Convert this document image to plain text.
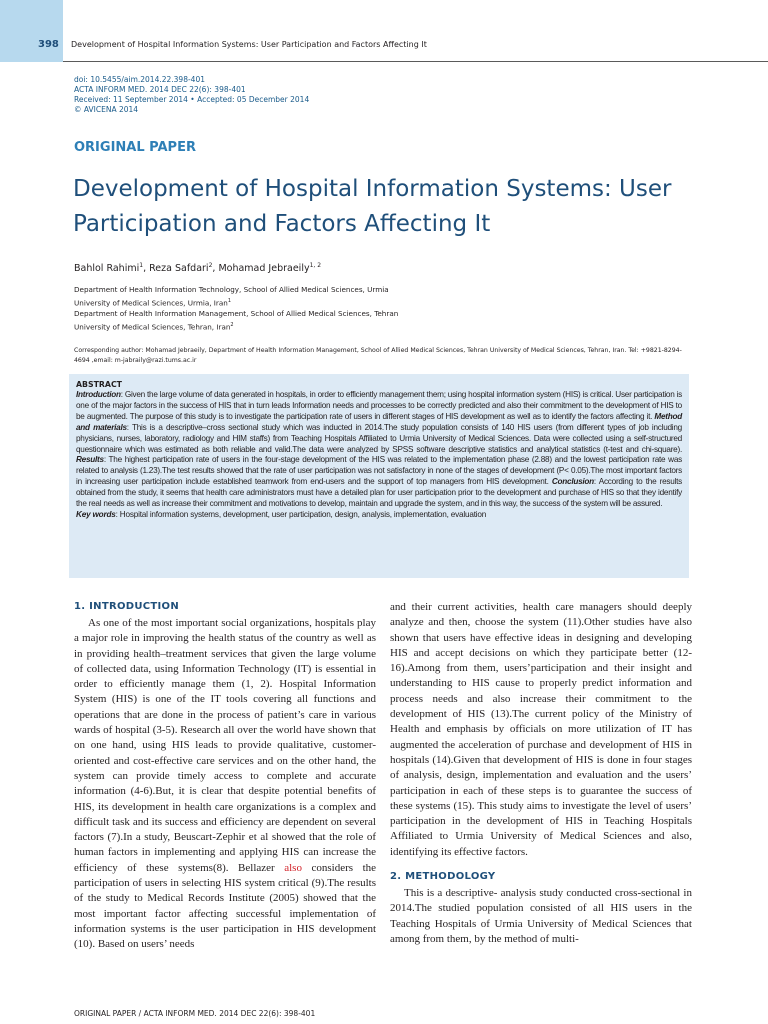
398 Development of Hospital Information Systems: User Participation and Factors Affecting It
doi: 10.5455/aim.2014.22.398-401
ACTA INFORM MED. 2014 DEC 22(6): 398-401
Received: 11 September 2014 • Accepted: 05 December 2014
© AVICENA 2014
ORIGINAL PAPER
Development of Hospital Information Systems: User
Participation and Factors Affecting It
Bahlol Rahimi$^1$, Reza Safdari$^2$, Mohamad Jebraeily$^{1, 2}$
Department of Health Information Technology, School of Allied Medical Sciences, Urmia
University of Medical Sciences, Urmia, Iran$^1$
Department of Health Information Management, School of Allied Medical Sciences, Tehran
University of Medical Sciences, Tehran, Iran$^2$
Corresponding author: Mohamad Jebraeily, Department of Health Information Management, School of Allied Medical Sciences, Tehran University of Medical Sciences, Tehran, Iran. Tel: +9821-8294-4694 ,email: m-jabraily@razi.tums.ac.ir
ABSTRACT

Introduction: Given the large volume of data generated in hospitals, in order to efficiently management them; using hospital information system (HIS) is critical. User participation is one of the major factors in the success of HIS that in turn leads Information needs and processes to be correctly predicted and also their commitment to the development of HIS to be augmented. The purpose of this study is to investigate the participation rate of users in different stages of HIS development as well as to identify the factors affecting it. Method and materials: This is a descriptive–cross sectional study which was inducted in 2014.The study population consists of 140 HIS users (from different types of job including physicians, nurses, laboratory, radiology and HIM staffs) from Teaching Hospitals Affiliated to Urmia University of Medical Sciences. Data were collected using a self-structured questionnaire which was estimated as both reliable and valid.The data were analyzed by SPSS software descriptive statistics and analytical statistics (t-test and chi-square). Results: The highest participation rate of users in the four-stage development of the HIS was related to the implementation phase (2.88) and the lowest participation rate was related to analysis (1.23).The test results showed that the rate of user participation was not satisfactory in none of the stages of development (P< 0.05).The most important factors in increasing user participation include established teamwork from end-users and the support of top managers from HIS development. Conclusion: According to the results obtained from the study, it seems that health care administrators must have a detailed plan for user participation prior to the development and purchase of HIS so that they identify the real needs as well as increase their commitment and motivations to develop, maintain and upgrade the system, and in this way, the success of the system will be assured.

Key words: Hospital information systems, development, user participation, design, analysis, implementation, evaluation

1. INTRODUCTION

As one of the most important social organizations, hospitals play a major role in improving the health status of the country as well as in providing health–treatment services that given the large volume of collected data, using Information Technology (IT) is essential in order to efficiently manage them (1, 2). Hospital Information System (HIS) is one of the IT tools covering all functions and operations that are done in the process of patient’s care in various wards of hospital (3-5). Research all over the world have shown that on one hand, using HIS leads to provide qualitative, customer-oriented and cost-effective care services and on the other hand, the system can provide timely access to complete and accurate information (4-6).But, it is clear that despite potential benefits of HIS, its development in health care organizations is a complex and difficult task and its success and efficiency are dependent on several factors (7).In a study, Beuscart-Zephir et al showed that the role of human factors in implementing and applying HIS can increase the efficiency of these systems(8). Bellazer also considers the participation of users in selecting HIS system critical (9).The results of the study to Medical Records Institute (2005) showed that the most important factor affecting successful implementation of information systems is the user participation in HIS development (10). Based on users’ needs

and their current activities, health care managers should deeply analyze and then, choose the system (11).Other studies have also shown that users have effective ideas in designing and developing HIS and accept decisions on which they participate better (12-16).Among from them, users’participation and their insight and understanding to HIS cause to properly predict information and process needs and also increase their commitment to the development of HIS (13).The current policy of the Ministry of Health and emphasis by officials on more utilization of IT has augmented the acceleration of purchase and development of HIS in hospitals (14).Given that development of HIS is done in four stages of analysis, design, implementation and evaluation and the users’ participation in each of these steps is to guarantee the success of these systems (15). This study aims to investigate the level of users’ participation in the development of HIS in Teaching Hospitals Affiliated to Urmia University of Medical Sciences and also, identifying its effective factors.

2. METHODOLOGY

This is a descriptive- analysis study conducted cross-sectional in 2014.The studied population consisted of all HIS users in the Teaching Hospitals of Urmia University of Medical Sciences that among from them, by the method of multi-

ORIGINAL PAPER / ACTA INFORM MED. 2014 DEC 22(6): 398-401
